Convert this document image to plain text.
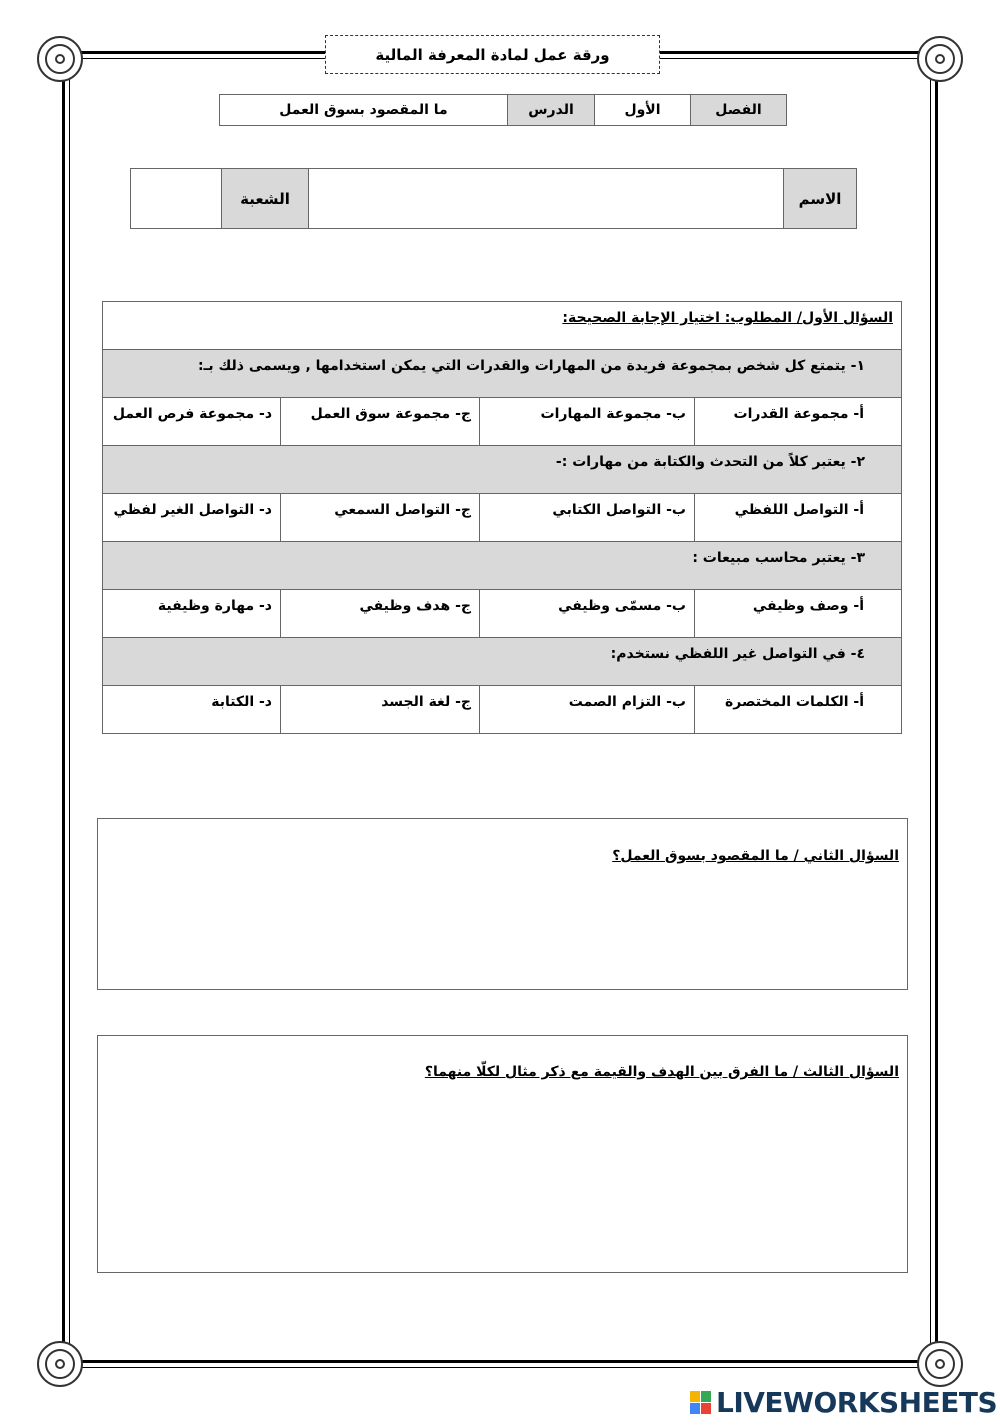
ورقة عمل لمادة المعرفة المالية
الفصل	الأول	الدرس	ما المقصود بسوق العمل
الاسم		الشعبة	
السؤال الأول/ المطلوب: اختيار الإجابة الصحيحة:			

١- يتمتع كل شخص بمجموعة فريدة من المهارات والقدرات التي يمكن استخدامها , ويسمى ذلك بـ:			

أ- مجموعة القدرات	ب- مجموعة المهارات	ج- مجموعة سوق العمل	د- مجموعة فرص العمل

٢- يعتبر كلاً من التحدث والكتابة من مهارات :-			

أ- التواصل اللفظي	ب- التواصل الكتابي	ج- التواصل السمعي	د- التواصل الغير لفظي

٣- يعتبر محاسب مبيعات :			

أ- وصف وظيفي	ب- مسمّى وظيفي	ج- هدف وظيفي	د- مهارة وظيفية

٤- في التواصل غير اللفظي نستخدم:			

أ- الكلمات المختصرة	ب- التزام الصمت	ج- لغة الجسد	د- الكتابة
السؤال الثاني / ما المقصود بسوق العمل؟
السؤال الثالث / ما الفرق بين الهدف والقيمة مع ذكر مثال لكلّا منهما؟
LIVEWORKSHEETS
